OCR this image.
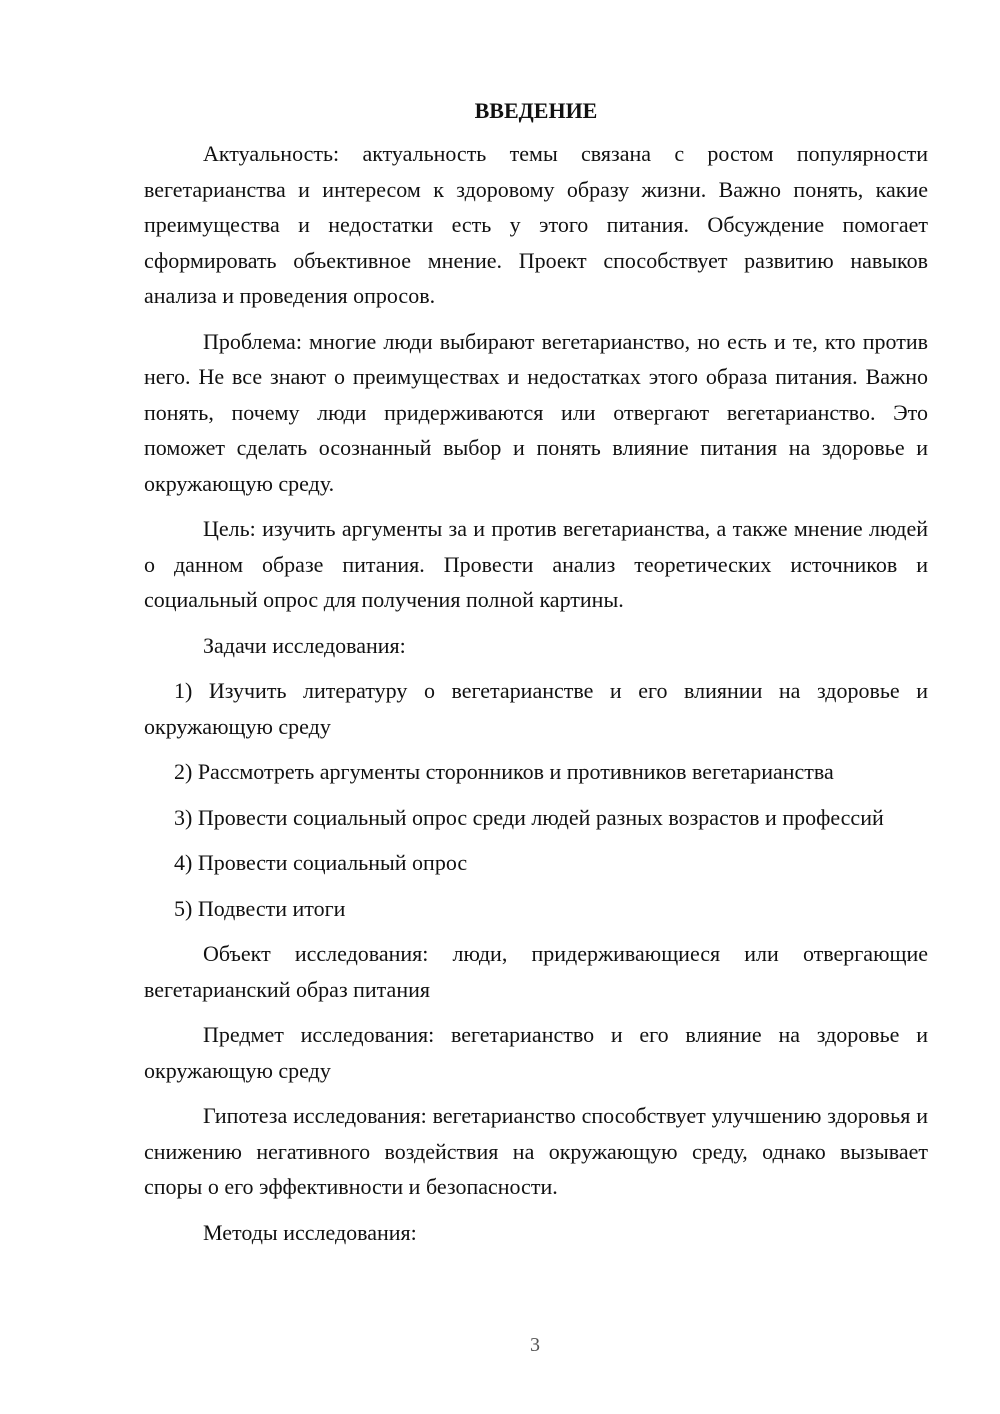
ВВЕДЕНИЕ

Актуальность: актуальность темы связана с ростом популярности вегетарианства и интересом к здоровому образу жизни. Важно понять, какие преимущества и недостатки есть у этого питания. Обсуждение помогает сформировать объективное мнение. Проект способствует развитию навыков анализа и проведения опросов.

Проблема: многие люди выбирают вегетарианство, но есть и те, кто против него. Не все знают о преимуществах и недостатках этого образа питания. Важно понять, почему люди придерживаются или отвергают вегетарианство. Это поможет сделать осознанный выбор и понять влияние питания на здоровье и окружающую среду.

Цель: изучить аргументы за и против вегетарианства, а также мнение людей о данном образе питания. Провести анализ теоретических источников и социальный опрос для получения полной картины.

Задачи исследования:

1) Изучить литературу о вегетарианстве и его влиянии на здоровье и окружающую среду

2) Рассмотреть аргументы сторонников и противников вегетарианства

3) Провести социальный опрос среди людей разных возрастов и профессий

4) Провести социальный опрос

5) Подвести итоги

Объект исследования: люди, придерживающиеся или отвергающие вегетарианский образ питания

Предмет исследования: вегетарианство и его влияние на здоровье и окружающую среду

Гипотеза исследования: вегетарианство способствует улучшению здоровья и снижению негативного воздействия на окружающую среду, однако вызывает споры о его эффективности и безопасности.

Методы исследования:

3
